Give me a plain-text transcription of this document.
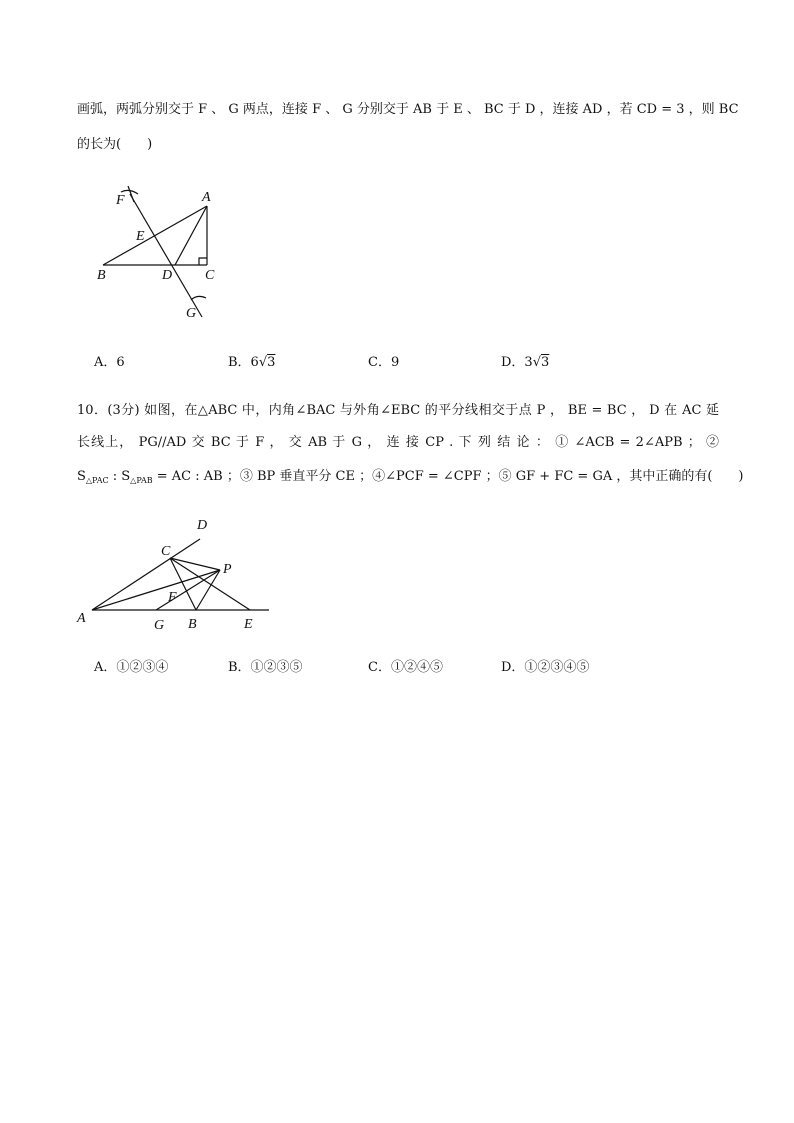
画弧，两弧分别交于 F 、 G 两点，连接 F 、 G 分别交于 AB 于 E 、 BC 于 D ，连接 AD ，若 CD = 3 ，则 BC
的长为(　　)
F	A
E
B	D C
G
A．6	B．6√3	C．9	D．3√3
10．(3分) 如图，在△ABC 中，内角∠BAC 与外角∠EBC 的平分线相交于点 P ， BE = BC ， D 在 AC 延
长线上， PG//AD 交 BC 于 F ， 交 AB 于 G ， 连 接 CP . 下 列 结 论 ： ① ∠ACB = 2∠APB ； ②
$S_{\triangle PAC}$ : $S_{\triangle PAB}$ = AC : AB ；③ BP 垂直平分 CE ；④∠PCF = ∠CPF ；⑤ GF + FC = GA ，其中正确的有(　　)
D
C
P
F
A	G B	E
A．①②③④	B．①②③⑤	C．①②④⑤	D．①②③④⑤
